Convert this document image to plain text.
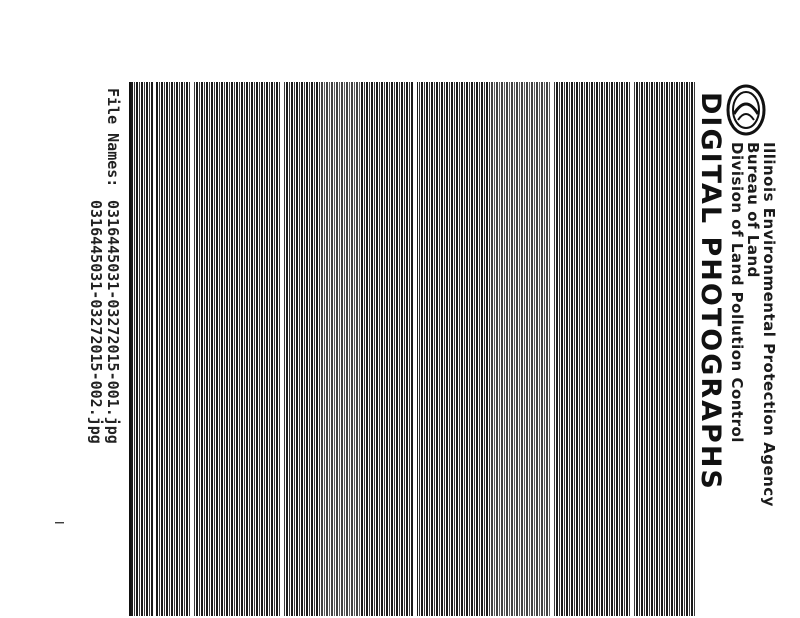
Illinois Environmental Protection Agency
Bureau of Land
Division of Land Pollution Control
DIGITAL PHOTOGRAPHS
File Names:
0316445031-03272015-001.jpg
0316445031-03272015-002.jpg
I
